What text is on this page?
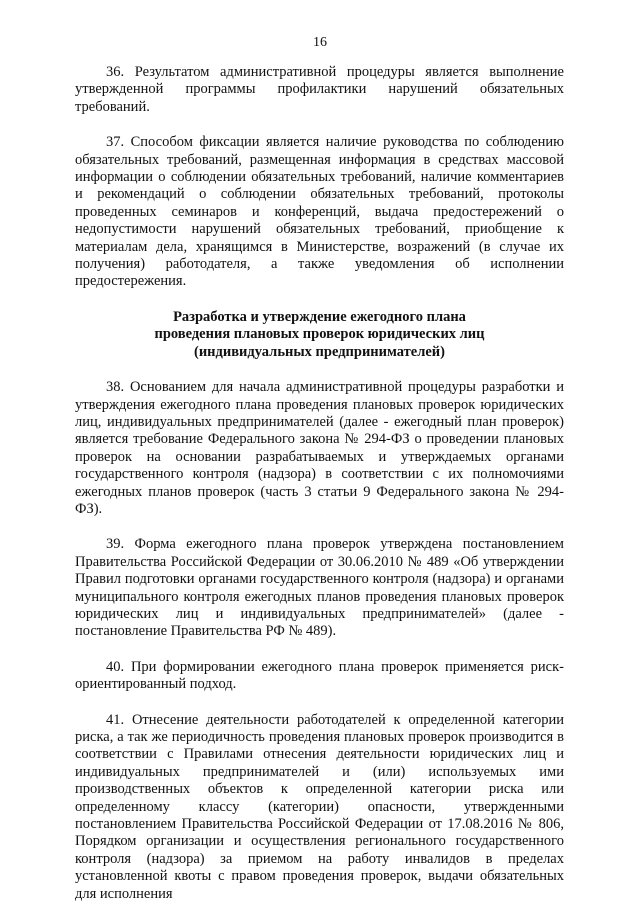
16

36. Результатом административной процедуры является выполнение утвержденной программы профилактики нарушений обязательных требований.

37. Способом фиксации является наличие руководства по соблюдению обязательных требований, размещенная информация в средствах массовой информации о соблюдении обязательных требований, наличие комментариев и рекомендаций о соблюдении обязательных требований, протоколы проведенных семинаров и конференций, выдача предостережений о недопустимости нарушений обязательных требований, приобщение к материалам дела, хранящимся в Министерстве, возражений (в случае их получения) работодателя, а также уведомления об исполнении предостережения.

Разработка и утверждение ежегодного плана

проведения плановых проверок юридических лиц

(индивидуальных предпринимателей)

38. Основанием для начала административной процедуры разработки и утверждения ежегодного плана проведения плановых проверок юридических лиц, индивидуальных предпринимателей (далее - ежегодный план проверок) является требование Федерального закона № 294-ФЗ о проведении плановых проверок на основании разрабатываемых и утверждаемых органами государственного контроля (надзора) в соответствии с их полномочиями ежегодных планов проверок (часть 3 статьи 9 Федерального закона № 294-ФЗ).

39. Форма ежегодного плана проверок утверждена постановлением Правительства Российской Федерации от 30.06.2010 № 489 «Об утверждении Правил подготовки органами государственного контроля (надзора) и органами муниципального контроля ежегодных планов проведения плановых проверок юридических лиц и индивидуальных предпринимателей» (далее - постановление Правительства РФ № 489).

40. При формировании ежегодного плана проверок применяется риск-ориентированный подход.

41. Отнесение деятельности работодателей к определенной категории риска, а так же периодичность проведения плановых проверок производится в соответствии с Правилами отнесения деятельности юридических лиц и индивидуальных предпринимателей и (или) используемых ими производственных объектов к определенной категории риска или определенному классу (категории) опасности, утвержденными постановлением Правительства Российской Федерации от 17.08.2016 № 806, Порядком организации и осуществления регионального государственного контроля (надзора) за приемом на работу инвалидов в пределах установленной квоты с правом проведения проверок, выдачи обязательных для исполнения
